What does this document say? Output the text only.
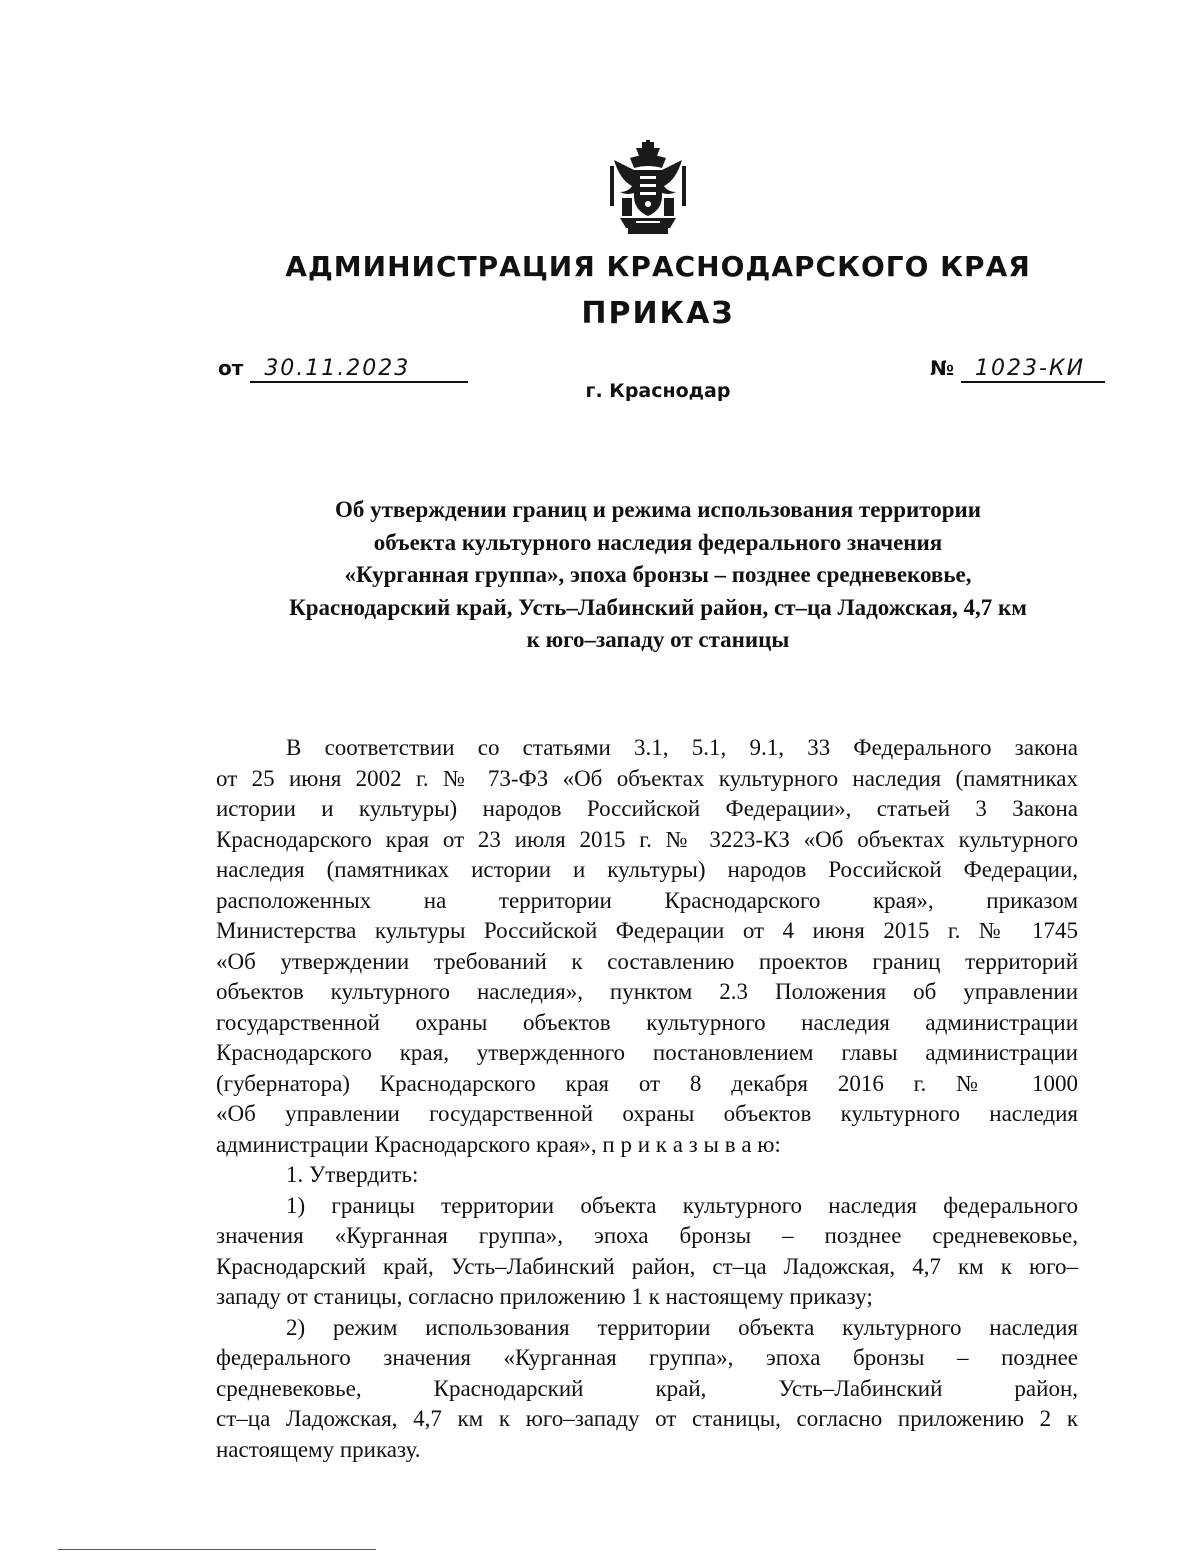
АДМИНИСТРАЦИЯ КРАСНОДАРСКОГО КРАЯ
ПРИКАЗ
от 30.11.2023	№ 1023-КИ
г. Краснодар
Об утверждении границ и режима использования территории
объекта культурного наследия федерального значения
«Курганная группа», эпоха бронзы – позднее средневековье,
Краснодарский край, Усть–Лабинский район, ст–ца Ладожская, 4,7 км
к юго–западу от станицы

В соответствии со статьями 3.1, 5.1, 9.1, 33 Федерального закона
от 25 июня 2002 г. № 73-ФЗ «Об объектах культурного наследия (памятниках
истории и культуры) народов Российской Федерации», статьей 3 Закона
Краснодарского края от 23 июля 2015 г. № 3223-КЗ «Об объектах культурного
наследия (памятниках истории и культуры) народов Российской Федерации,
расположенных на территории Краснодарского края», приказом
Министерства культуры Российской Федерации от 4 июня 2015 г. № 1745
«Об утверждении требований к составлению проектов границ территорий
объектов культурного наследия», пунктом 2.3 Положения об управлении
государственной охраны объектов культурного наследия администрации
Краснодарского края, утвержденного постановлением главы администрации
(губернатора) Краснодарского края от 8 декабря 2016 г. № 1000
«Об управлении государственной охраны объектов культурного наследия
администрации Краснодарского края», п р и к а з ы в а ю:

1. Утвердить:

1) границы территории объекта культурного наследия федерального
значения «Курганная группа», эпоха бронзы – позднее средневековье,
Краснодарский край, Усть–Лабинский район, ст–ца Ладожская, 4,7 км к юго–
западу от станицы, согласно приложению 1 к настоящему приказу;

2) режим использования территории объекта культурного наследия
федерального значения «Курганная группа», эпоха бронзы – позднее
средневековье, Краснодарский край, Усть–Лабинский район,
ст–ца Ладожская, 4,7 км к юго–западу от станицы, согласно приложению 2 к
настоящему приказу.
